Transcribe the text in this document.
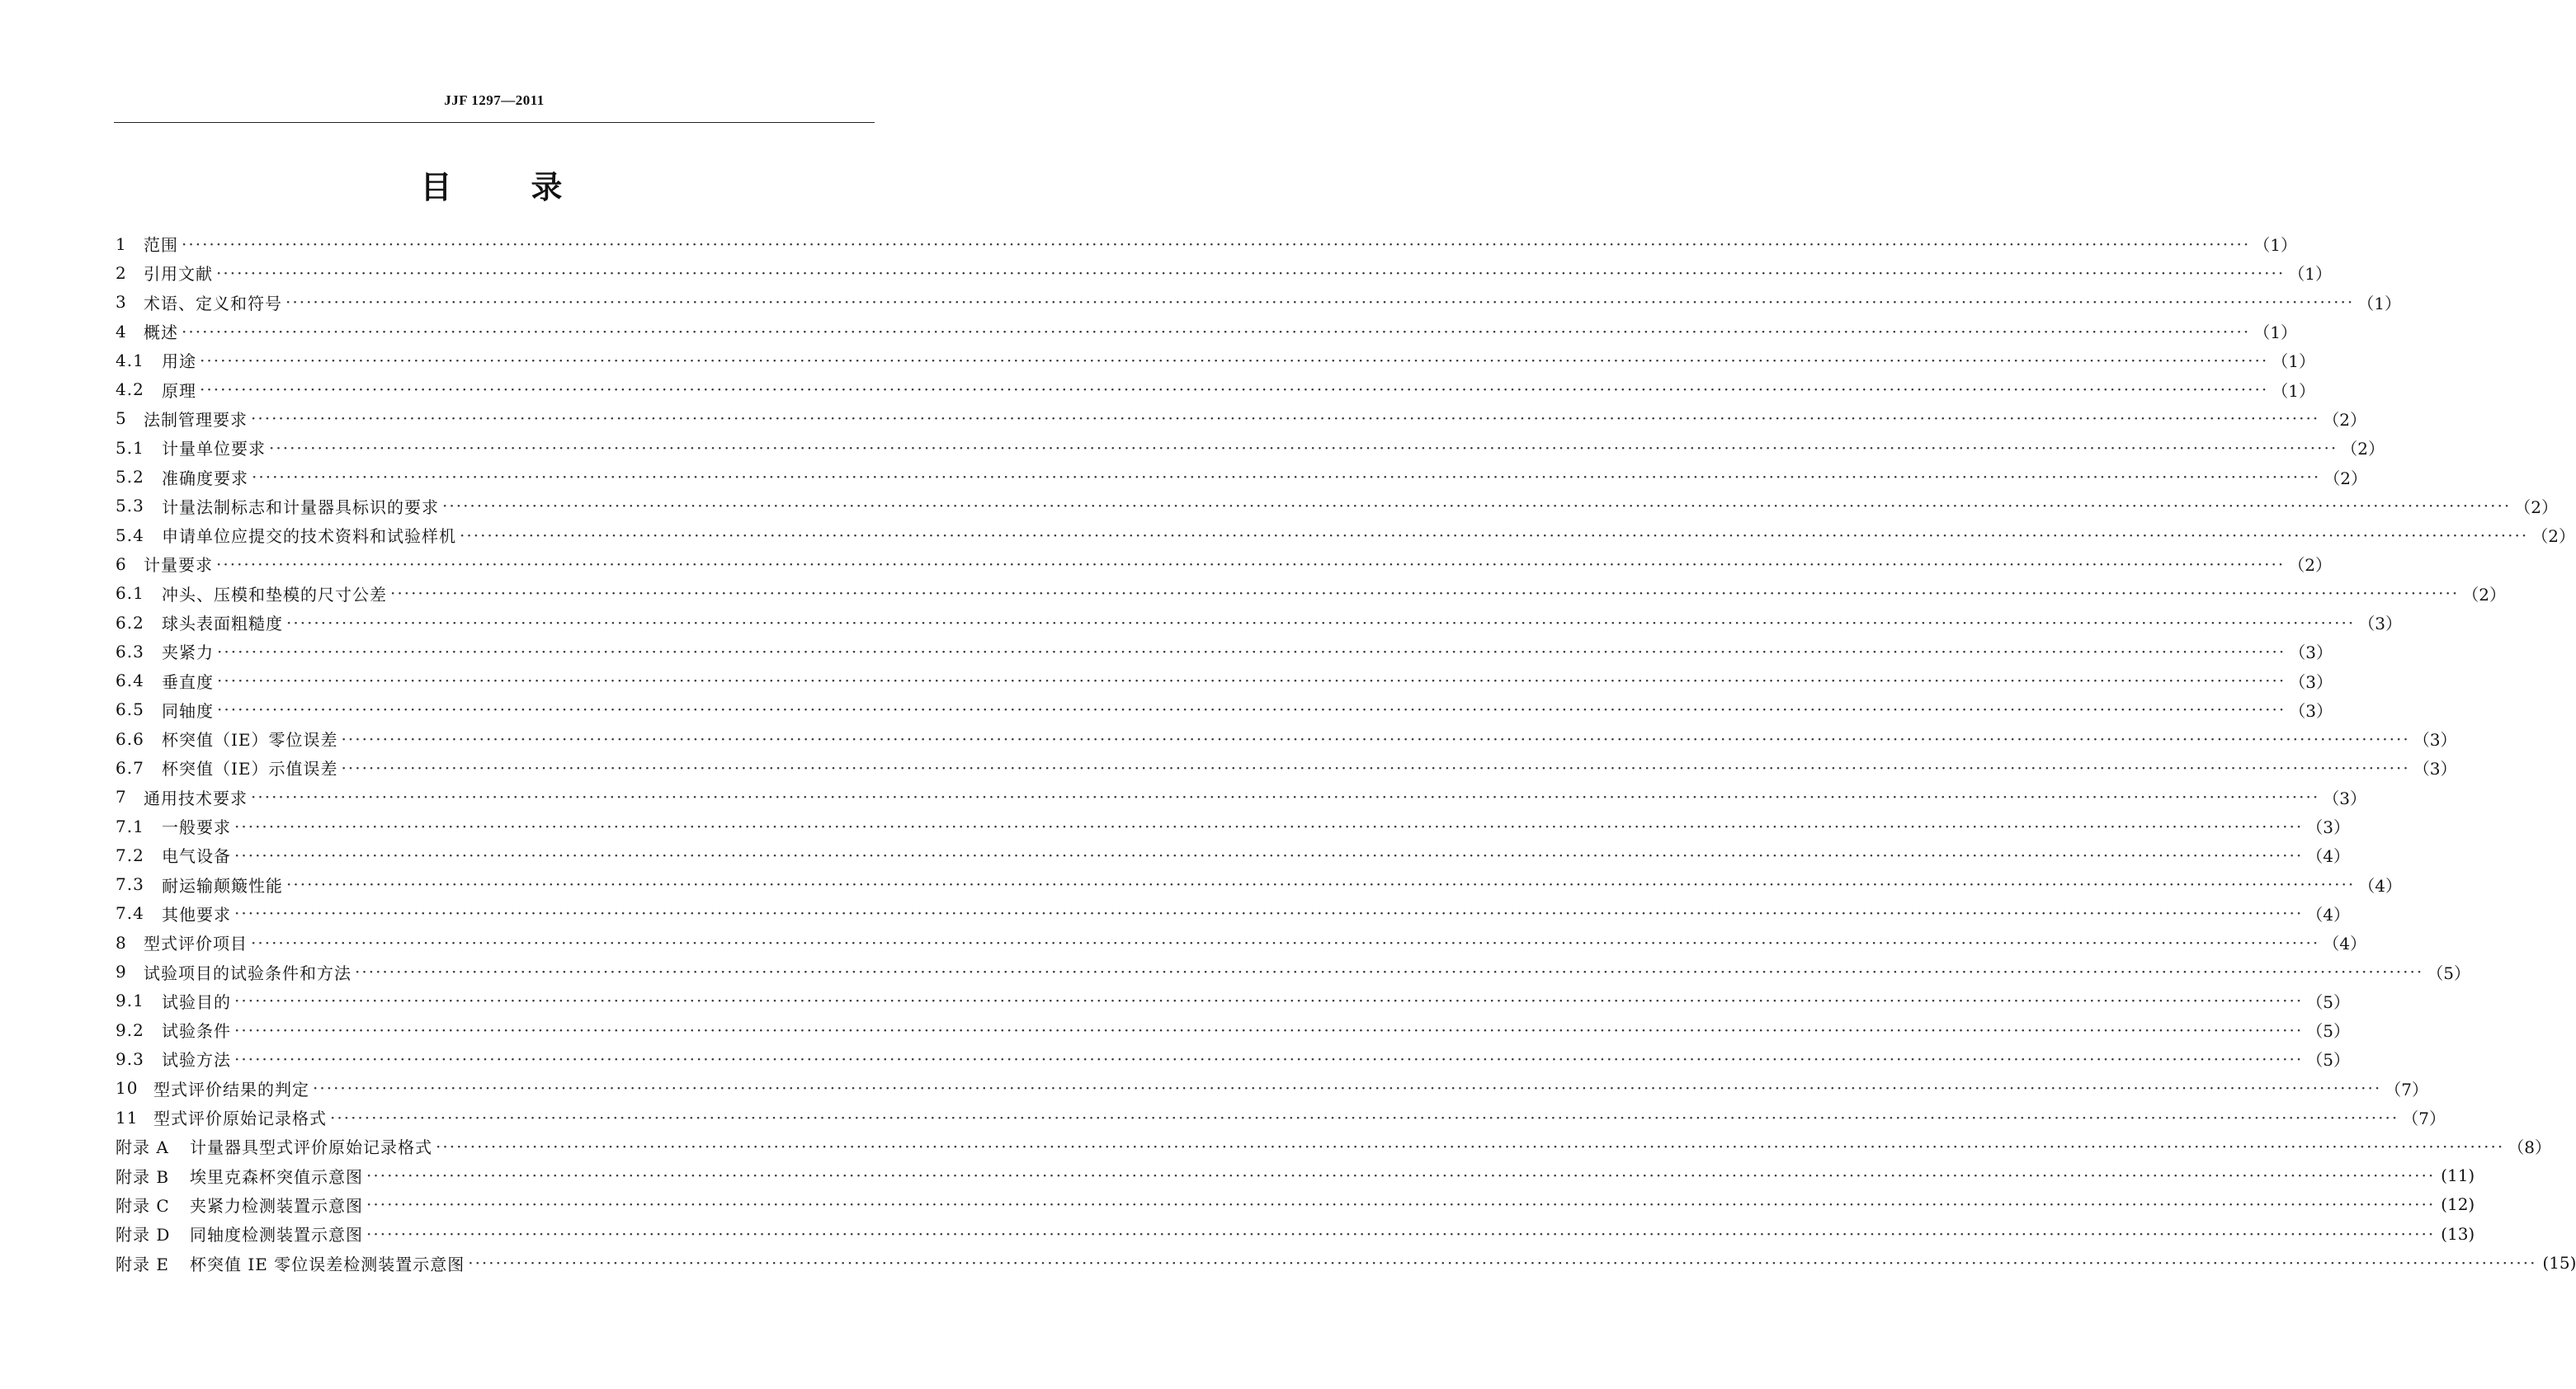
JJF 1297—2011
目	录
1	范围 ············································································································································································································································································································ （1）
2	引用文献 ············································································································································································································································································································ （1）
3	术语、定义和符号 ············································································································································································································································································································ （1）
4	概述 ············································································································································································································································································································ （1）
4.1	用途 ············································································································································································································································································································ （1）
4.2	原理 ············································································································································································································································································································ （1）
5	法制管理要求 ············································································································································································································································································································ （2）
5.1	计量单位要求 ············································································································································································································································································································ （2）
5.2	准确度要求 ············································································································································································································································································································ （2）
5.3	计量法制标志和计量器具标识的要求 ············································································································································································································································································································ （2）
5.4	申请单位应提交的技术资料和试验样机 ············································································································································································································································································································ （2）
6	计量要求 ············································································································································································································································································································ （2）
6.1	冲头、压模和垫模的尺寸公差 ············································································································································································································································································································ （2）
6.2	球头表面粗糙度 ············································································································································································································································································································ （3）
6.3	夹紧力 ············································································································································································································································································································ （3）
6.4	垂直度 ············································································································································································································································································································ （3）
6.5	同轴度 ············································································································································································································································································································ （3）
6.6	杯突值（IE）零位误差 ············································································································································································································································································································ （3）
6.7	杯突值（IE）示值误差 ············································································································································································································································································································ （3）
7	通用技术要求 ············································································································································································································································································································ （3）
7.1	一般要求 ············································································································································································································································································································ （3）
7.2	电气设备 ············································································································································································································································································································ （4）
7.3	耐运输颠簸性能 ············································································································································································································································································································ （4）
7.4	其他要求 ············································································································································································································································································································ （4）
8	型式评价项目 ············································································································································································································································································································ （4）
9	试验项目的试验条件和方法 ············································································································································································································································································································ （5）
9.1	试验目的 ············································································································································································································································································································ （5）
9.2	试验条件 ············································································································································································································································································································ （5）
9.3	试验方法 ············································································································································································································································································································ （5）
10 型式评价结果的判定 ············································································································································································································································································································ （7）
11 型式评价原始记录格式 ············································································································································································································································································································ （7）
附录 A	计量器具型式评价原始记录格式 ············································································································································································································································································································ （8）
附录 B	埃里克森杯突值示意图 ············································································································································································································································································································ (11)
附录 C	夹紧力检测装置示意图 ············································································································································································································································································································ (12)
附录 D	同轴度检测装置示意图 ············································································································································································································································································································ (13)
附录 E	杯突值 IE 零位误差检测装置示意图 ············································································································································································································································································································ (15)
